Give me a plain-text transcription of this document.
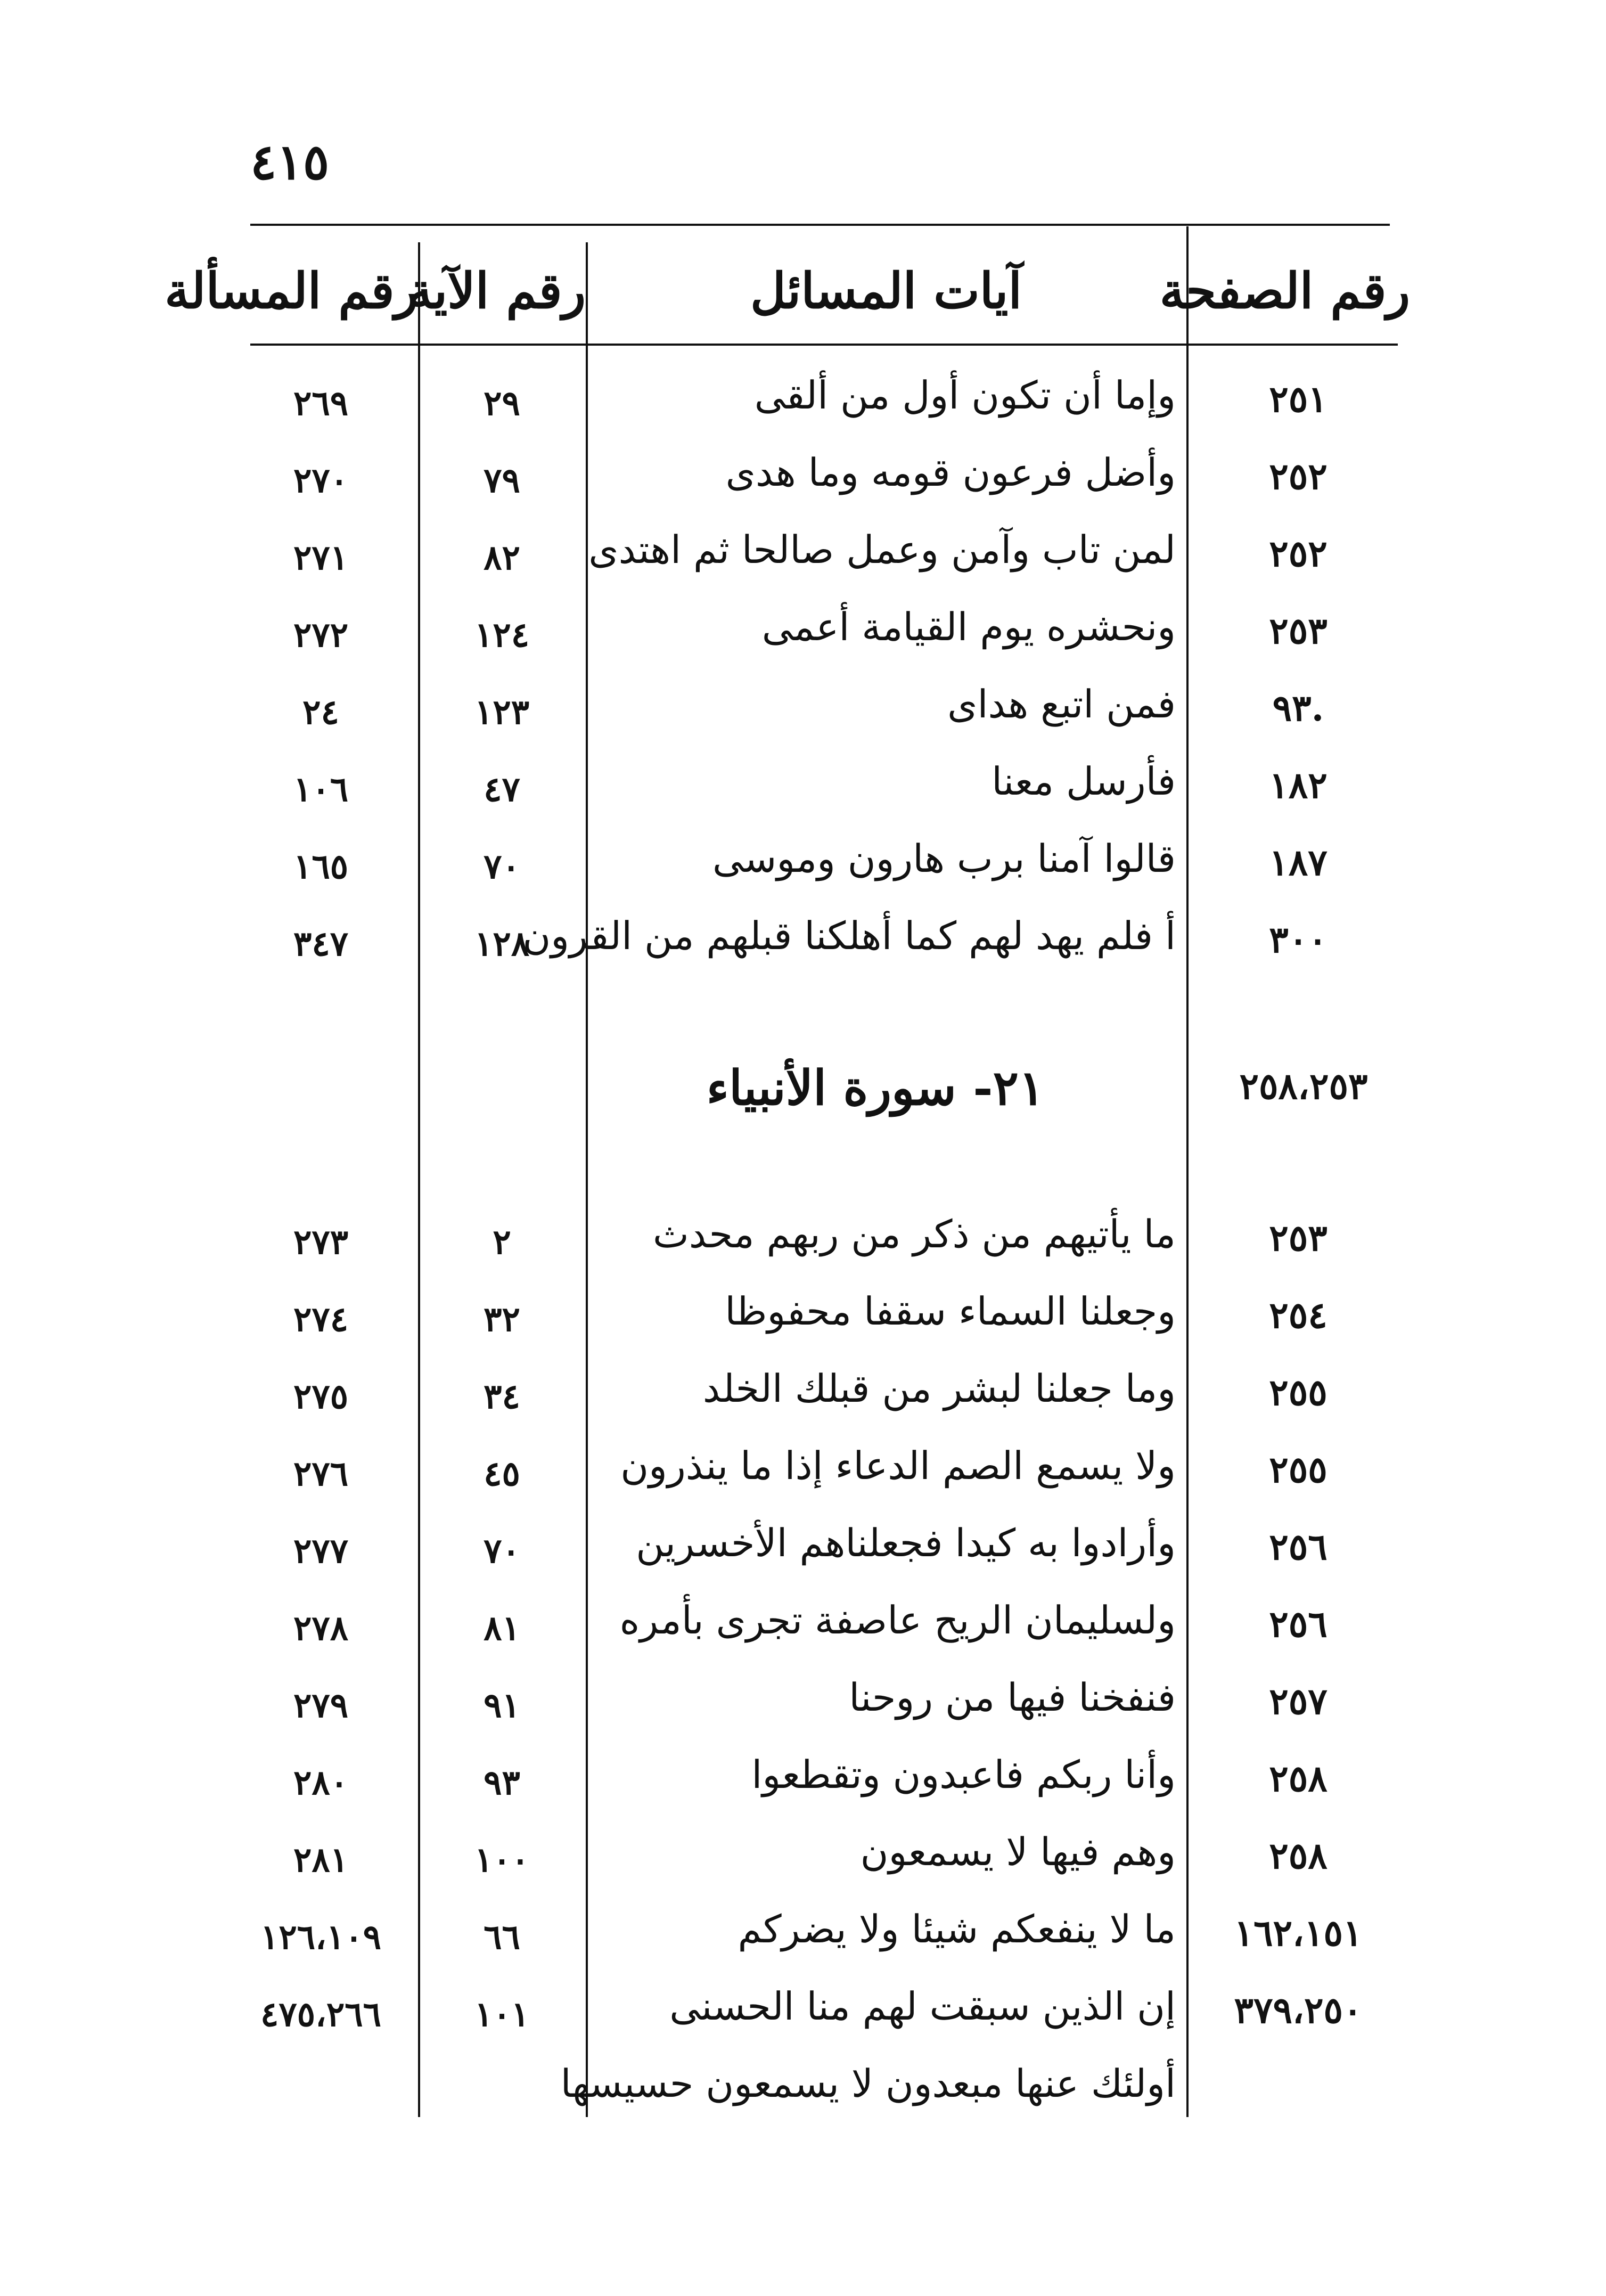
٤١٥
رقم الصفحة
آيات المسائل
رقم الآية
رقم المسألة
٢٥١
وإما أن تكون أول من ألقى
٢٩
٢٦٩
٢٥٢
وأضل فرعون قومه وما هدى
٧٩
٢٧٠
٢٥٢
لمن تاب وآمن وعمل صالحا ثم اهتدى
٨٢
٢٧١
٢٥٣
ونحشره يوم القيامة أعمى
١٢٤
٢٧٢
.٩٣
فمن اتبع هداى
١٢٣
٢٤
١٨٢
فأرسل معنا
٤٧
١٠٦
١٨٧
قالوا آمنا برب هارون وموسى
٧٠
١٦٥
٣٠٠
أ فلم يهد لهم كما أهلكنا قبلهم من القرون
١٢٨
٣٤٧
٢١- سورة الأنبياء	٢٥٨،٢٥٣
٢٥٣
ما يأتيهم من ذكر من ربهم محدث
٢
٢٧٣
٢٥٤
وجعلنا السماء سقفا محفوظا
٣٢
٢٧٤
٢٥٥
وما جعلنا لبشر من قبلك الخلد
٣٤
٢٧٥
٢٥٥
ولا يسمع الصم الدعاء إذا ما ينذرون
٤٥
٢٧٦
٢٥٦
وأرادوا به كيدا فجعلناهم الأخسرين
٧٠
٢٧٧
٢٥٦
ولسليمان الريح عاصفة تجرى بأمره
٨١
٢٧٨
٢٥٧
فنفخنا فيها من روحنا
٩١
٢٧٩
٢٥٨
وأنا ربكم فاعبدون وتقطعوا
٩٣
٢٨٠
٢٥٨
وهم فيها لا يسمعون
١٠٠
٢٨١
١٦٢،١٥١
ما لا ينفعكم شيئا ولا يضركم
٦٦
١٢٦،١٠٩
٣٧٩،٢٥٠
إن الذين سبقت لهم منا الحسنى
١٠١
٤٧٥،٢٦٦
أولئك عنها مبعدون لا يسمعون حسيسها
